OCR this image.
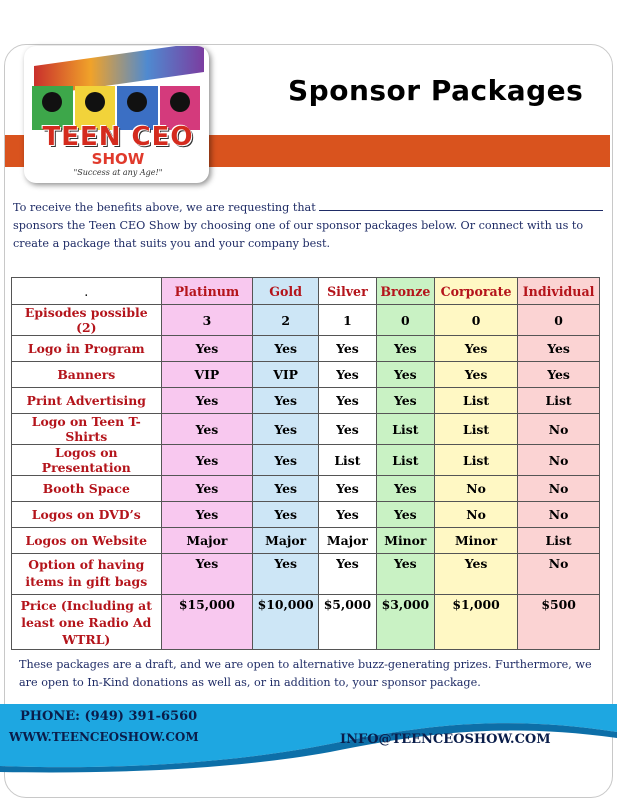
TEEN CEO
SHOW
"Success at any Age!"
Sponsor Packages
To receive the benefits above, we are requesting that
sponsors the Teen CEO Show by choosing one of our sponsor packages below. Or connect with us to create a package that suits you and your company best.
.	Platinum	Gold	Silver	Bronze	Corporate	Individual
Episodes possible (2)	3	2	1	0	0	0
Logo in Program	Yes	Yes	Yes	Yes	Yes	Yes
Banners	VIP	VIP	Yes	Yes	Yes	Yes
Print Advertising	Yes	Yes	Yes	Yes	List	List
Logo on Teen T-Shirts	Yes	Yes	Yes	List	List	No
Logos on Presentation	Yes	Yes	List	List	List	No
Booth Space	Yes	Yes	Yes	Yes	No	No
Logos on DVD’s	Yes	Yes	Yes	Yes	No	No
Logos on Website	Major	Major	Major	Minor	Minor	List
Option of having items in gift bags	Yes	Yes	Yes	Yes	Yes	No
Price (Including at least one Radio Ad WTRL)	$15,000	$10,000	$5,000	$3,000	$1,000	$500
These packages are a draft, and we are open to alternative buzz-generating prizes. Furthermore, we are open to In-Kind donations as well as, or in addition to, your sponsor package.
PHONE: (949) 391-6560
WWW.TEENCEOSHOW.COM	INFO@TEENCEOSHOW.COM
